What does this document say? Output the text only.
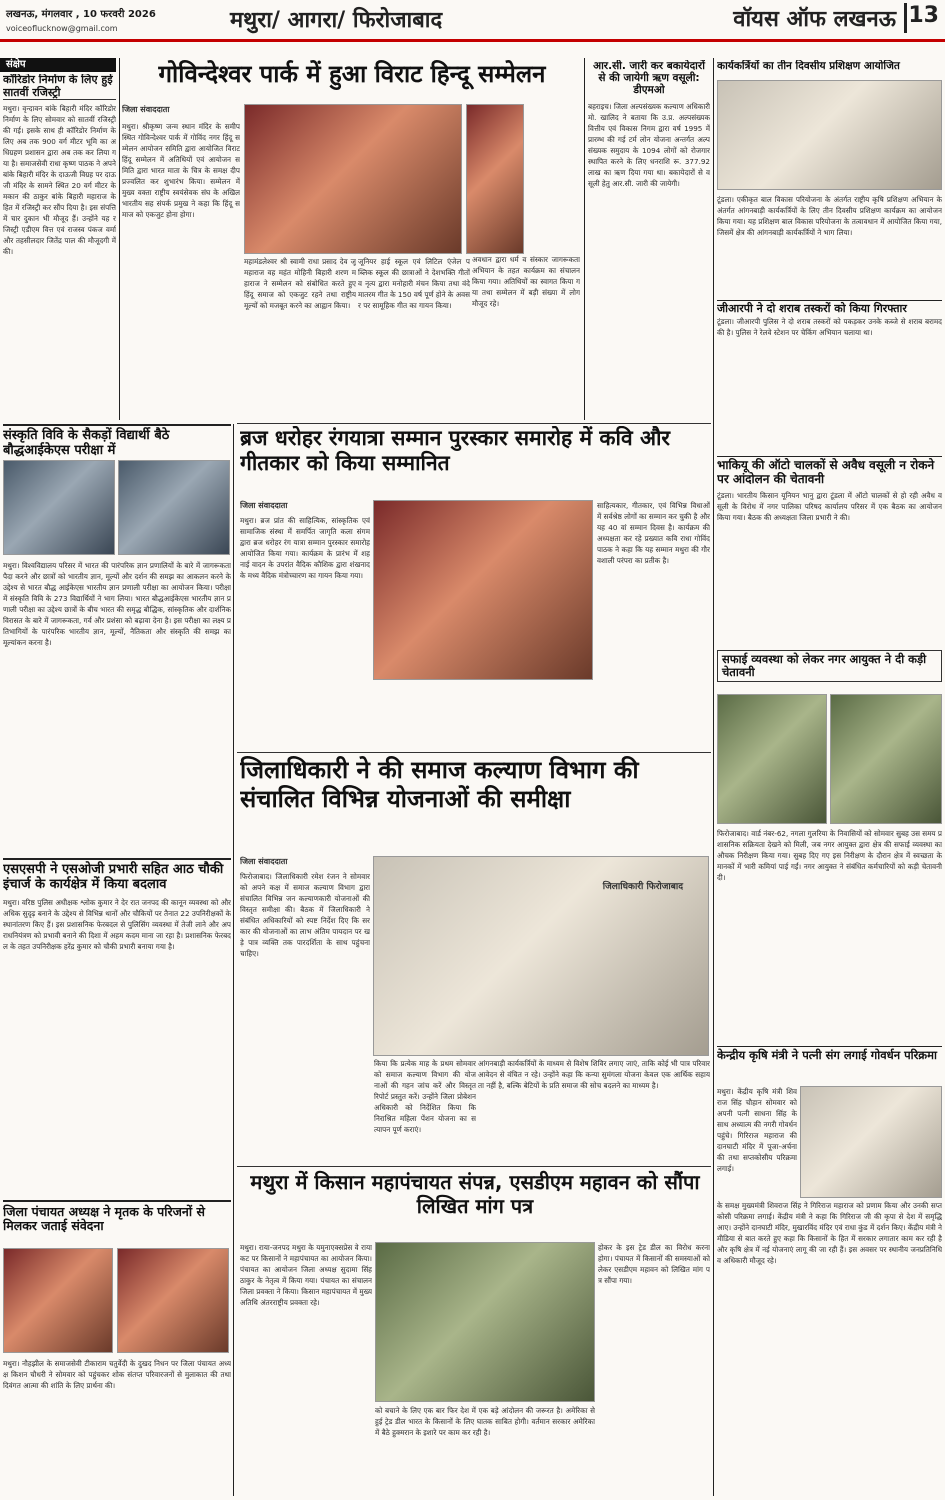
लखनऊ, मंगलवार , 10 फरवरी 2026
voiceoflucknow@gmail.com	मथुरा/ आगरा/ फिरोजाबाद	वॉयस ऑफ लखनऊ 13
संक्षेप
कॉरिडोर निर्माण के लिए हुई सातवीं रजिस्ट्री
मथुरा। वृन्दावन बांके बिहारी मंदिर कॉरिडोर निर्माण के लिए सोमवार को सातवीं रजिस्ट्री की गई। इसके साथ ही कॉरिडोर निर्माण के लिए अब तक 900 वर्ग मीटर भूमि का अधिग्रहण प्रशासन द्वारा अब तक कर लिया गया है। समाजसेवी राधा कृष्ण पाठक ने अपने बांके बिहारी मंदिर के दाऊजी विग्रह पर दाऊजी मंदिर के सामने स्थित 20 वर्ग मीटर के मकान की ठाकुर बांके बिहारी महाराज के हित में रजिस्ट्री कर सौंप दिया है। इस संपत्ति में चार दुकान भी मौजूद हैं। उन्होंने यह रजिस्ट्री एडीएम वित्त एवं राजस्व पंकज वर्मा और तहसीलदार जितेंद्र पाल की मौजूदगी में की।
संस्कृति विवि के सैकड़ों विद्यार्थी बैठे बौद्धआईकेएस परीक्षा में
मथुरा। विश्वविद्यालय परिसर में भारत की पारंपरिक ज्ञान प्रणालियों के बारे में जागरूकता पैदा करने और छात्रों को भारतीय ज्ञान, मूल्यों और दर्शन की समझ का आकलन करने के उद्देश्य से भारत बौद्ध आईकेएस भारतीय ज्ञान प्रणाली परीक्षा का आयोजन किया। परीक्षा में संस्कृति विवि के 273 विद्यार्थियों ने भाग लिया। भारत बौद्धआईकेएस भारतीय ज्ञान प्रणाली परीक्षा का उद्देश्य छात्रों के बीच भारत की समृद्ध बौद्धिक, सांस्कृतिक और दार्शनिक विरासत के बारे में जागरूकता, गर्व और प्रशंसा को बढ़ावा देना है। इस परीक्षा का लक्ष्य प्रतिभागियों के पारंपरिक भारतीय ज्ञान, मूल्यों, नैतिकता और संस्कृति की समझ का मूल्यांकन करना है।
एसएसपी ने एसओजी प्रभारी सहित आठ चौकी इंचार्ज के कार्यक्षेत्र में किया बदलाव
मथुरा। वरिष्ठ पुलिस अधीक्षक श्लोक कुमार ने देर रात जनपद की कानून व्यवस्था को और अधिक सुदृढ़ बनाने के उद्देश्य से विभिन्न थानों और चौकियों पर तैनात 22 उपनिरीक्षकों के स्थानांतरण किए हैं। इस प्रशासनिक फेरबदल से पुलिसिंग व्यवस्था में तेजी लाने और अपराधनियंत्रण को प्रभावी बनाने की दिशा में अहम कदम माना जा रहा है। प्रशासनिक फेरबदल के तहत उपनिरीक्षक हरेंद्र कुमार को चौकी प्रभारी बनाया गया है।
जिला पंचायत अध्यक्ष ने मृतक के परिजनों से मिलकर जताई संवेदना
मथुरा। नौहझील के समाजसेवी टीकाराम चतुर्वेदी के दुखद निधन पर जिला पंचायत अध्यक्ष किशन चौधरी ने सोमवार को पहुंचकर शोक संतप्त परिवारजनों से मुलाकात की तथा दिवंगत आत्मा की शांति के लिए प्रार्थना की।
गोविन्देश्वर पार्क में हुआ विराट हिन्दू सम्मेलन
जिला संवाददाता
मथुरा। श्रीकृष्ण जन्म स्थान मंदिर के समीप स्थित गोविन्देश्वर पार्क में गोविंद नगर हिंदू सम्मेलन आयोजन समिति द्वारा आयोजित विराट हिंदू सम्मेलन में अतिथियों एवं आयोजन समिति द्वारा भारत माता के चित्र के समक्ष दीप प्रज्वलित कर शुभारंभ किया। सम्मेलन में मुख्य वक्ता राष्ट्रीय स्वयंसेवक संघ के अखिल भारतीय सह संपर्क प्रमुख ने कहा कि हिंदू समाज को एकजुट होना होगा।
महामंडलेश्वर श्री स्वामी राधा प्रसाद देव जू महाराज वह महंत मोहिनी बिहारी शरण महाराज ने सम्मेलन को संबोधित करते हुए हिंदू समाज को एकजुट रहने तथा राष्ट्रीय मूल्यों को मजबूत करने का आह्वान किया।
जूनियर हाई स्कूल एवं लिटिल एंजेल पब्लिक स्कूल की छात्राओं ने देशभक्ति गीतों व नृत्य द्वारा मनोहारी मंचन किया तथा वंदे मातरम गीत के 150 वर्ष पूर्ण होने के अवसर पर सामूहिक गीत का गायन किया।
अवधान द्वारा धर्म व संस्कार जागरूकता अभियान के तहत कार्यक्रम का संचालन किया गया। अतिथियों का स्वागत किया गया तथा सम्मेलन में बड़ी संख्या में लोग मौजूद रहे।
आर.सी. जारी कर बकायेदारों से की जायेगी ऋण वसूली: डीएमओ
बहराइच। जिला अल्पसंख्यक कल्याण अधिकारी मो. खालिद ने बताया कि उ.प्र. अल्पसंख्यक वित्तीय एवं विकास निगम द्वारा वर्ष 1995 में प्रारम्भ की गई टर्म लोन योजना अन्तर्गत अल्पसंख्यक समुदाय के 1094 लोगों को रोजगार स्थापित करने के लिए धनराशि रू. 377.92 लाख का ऋण दिया गया था। बकायेदारों से वसूली हेतु आर.सी. जारी की जायेगी।
कार्यकर्त्रियों का तीन दिवसीय प्रशिक्षण आयोजित
टूंडला। एकीकृत बाल विकास परियोजना के अंतर्गत राष्ट्रीय कृषि प्रशिक्षण अभियान के अंतर्गत आंगनबाड़ी कार्यकर्त्रियों के लिए तीन दिवसीय प्रशिक्षण कार्यक्रम का आयोजन किया गया। यह प्रशिक्षण बाल विकास परियोजना के तत्वावधान में आयोजित किया गया, जिसमें क्षेत्र की आंगनबाड़ी कार्यकर्त्रियों ने भाग लिया।
जीआरपी ने दो शराब तस्करों को किया गिरफ्तार
टूंडला। जीआरपी पुलिस ने दो शराब तस्करों को पकड़कर उनके कब्जे से शराब बरामद की है। पुलिस ने रेलवे स्टेशन पर चेकिंग अभियान चलाया था।
भाकियू की ऑटो चालकों से अवैध वसूली न रोकने पर आंदोलन की चेतावनी
टूंडला। भारतीय किसान यूनियन भानु द्वारा टूंडला में ऑटो चालकों से हो रही अवैध वसूली के विरोध में नगर पालिका परिषद कार्यालय परिसर में एक बैठक का आयोजन किया गया। बैठक की अध्यक्षता जिला प्रभारी ने की।
सफाई व्यवस्था को लेकर नगर आयुक्त ने दी कड़ी चेतावनी
फिरोजाबाद। वार्ड नंबर-62, नगला गुलरिया के निवासियों को सोमवार सुबह उस समय प्रशासनिक सक्रियता देखने को मिली, जब नगर आयुक्त द्वारा क्षेत्र की सफाई व्यवस्था का औचक निरीक्षण किया गया। सुबह दिए गए इस निरीक्षण के दौरान क्षेत्र में स्वच्छता के मानकों में भारी कमियां पाई गईं। नगर आयुक्त ने संबंधित कर्मचारियों को कड़ी चेतावनी दी।
केन्द्रीय कृषि मंत्री ने पत्नी संग लगाई गोवर्धन परिक्रमा
मथुरा। केंद्रीय कृषि मंत्री शिवराज सिंह चौहान सोमवार को अपनी पत्नी साधना सिंह के साथ अध्यात्म की नगरी गोवर्धन पहुंचे। गिरिराज महाराज की दानघाटी मंदिर में पूजा-अर्चना की तथा सप्तकोसीय परिक्रमा लगाई।
के समक्ष मुख्यमंत्री शिवराज सिंह ने गिरिराज महाराज को प्रणाम किया और उनकी सप्तकोसी परिक्रमा लगाई। केंद्रीय मंत्री ने कहा कि गिरिराज जी की कृपा से देश में समृद्धि आए। उन्होंने दानघाटी मंदिर, मुखारविंद मंदिर एवं राधा कुंड में दर्शन किए। केंद्रीय मंत्री ने मीडिया से बात करते हुए कहा कि किसानों के हित में सरकार लगातार काम कर रही है और कृषि क्षेत्र में नई योजनाएं लागू की जा रही हैं। इस अवसर पर स्थानीय जनप्रतिनिधि व अधिकारी मौजूद रहे।
ब्रज धरोहर रंगयात्रा सम्मान पुरस्कार समारोह में कवि और गीतकार को किया सम्मानित
जिला संवाददाता
मथुरा। ब्रज प्रांत की साहित्यिक, सांस्कृतिक एवं सामाजिक संस्था में समर्पित जागृति कला संगम द्वारा ब्रज धरोहर रंग यात्रा सम्मान पुरस्कार समारोह आयोजित किया गया। कार्यक्रम के प्रारंभ में शहनाई वादन के उपरांत वैदिक कौशिक द्वारा शंखनाद के मध्य वैदिक मंत्रोच्चारण का गायन किया गया।
साहित्यकार, गीतकार, एवं विभिन्न विधाओं में सर्वश्रेष्ठ लोगों का सम्मान कर चुकी है और यह 40 वां सम्मान दिवस है। कार्यक्रम की अध्यक्षता कर रहे प्रख्यात कवि राधा गोविंद पाठक ने कहा कि यह सम्मान मथुरा की गौरवशाली परंपरा का प्रतीक है।
जिलाधिकारी ने की समाज कल्याण विभाग की संचालित विभिन्न योजनाओं की समीक्षा
जिला संवाददाता
फिरोजाबाद। जिलाधिकारी रमेश रंजन ने सोमवार को अपने कक्ष में समाज कल्याण विभाग द्वारा संचालित विभिन्न जन कल्याणकारी योजनाओं की विस्तृत समीक्षा की। बैठक में जिलाधिकारी ने संबंधित अधिकारियों को स्पष्ट निर्देश दिए कि सरकार की योजनाओं का लाभ अंतिम पायदान पर खड़े पात्र व्यक्ति तक पारदर्शिता के साथ पहुंचना चाहिए।
जिलाधिकारी फिरोजाबाद
किया कि प्रत्येक माह के प्रथम सोमवार को समाज कल्याण विभाग की योजनाओं की गहन जांच करें और विस्तृत रिपोर्ट प्रस्तुत करें। उन्होंने जिला प्रोबेशन अधिकारी को निर्देशित किया कि निराश्रित महिला पेंशन योजना का सत्यापन पूर्ण कराएं।
आंगनबाड़ी कार्यकर्त्रियों के माध्यम से विशेष शिविर लगाए जाएं, ताकि कोई भी पात्र परिवार आवेदन से वंचित न रहे। उन्होंने कहा कि कन्या सुमंगला योजना केवल एक आर्थिक सहायता नहीं है, बल्कि बेटियों के प्रति समाज की सोच बदलने का माध्यम है।
मथुरा में किसान महापंचायत संपन्न, एसडीएम महावन को सौंपा लिखित मांग पत्र
मथुरा। राया-जनपद मथुरा के यमुनाएक्सप्रेस वे राया कट पर किसानों ने महापंचायत का आयोजन किया। पंचायत का आयोजन जिला अध्यक्ष सुदामा सिंह ठाकुर के नेतृत्व में किया गया। पंचायत का संचालन जिला प्रवक्ता ने किया। किसान महापंचायत में मुख्य अतिथि अंतरराष्ट्रीय प्रवक्ता रहे।
को बचाने के लिए एक बार फिर देश में एक बड़े आंदोलन की जरूरत है। अमेरिका से हुई ट्रेड डील भारत के किसानों के लिए घातक साबित होगी। वर्तमान सरकार अमेरिका में बैठे हुक्मरान के इशारे पर काम कर रही है।
होकर के इस ट्रेड डील का विरोध करना होगा। पंचायत में किसानों की समस्याओं को लेकर एसडीएम महावन को लिखित मांग पत्र सौंपा गया।
